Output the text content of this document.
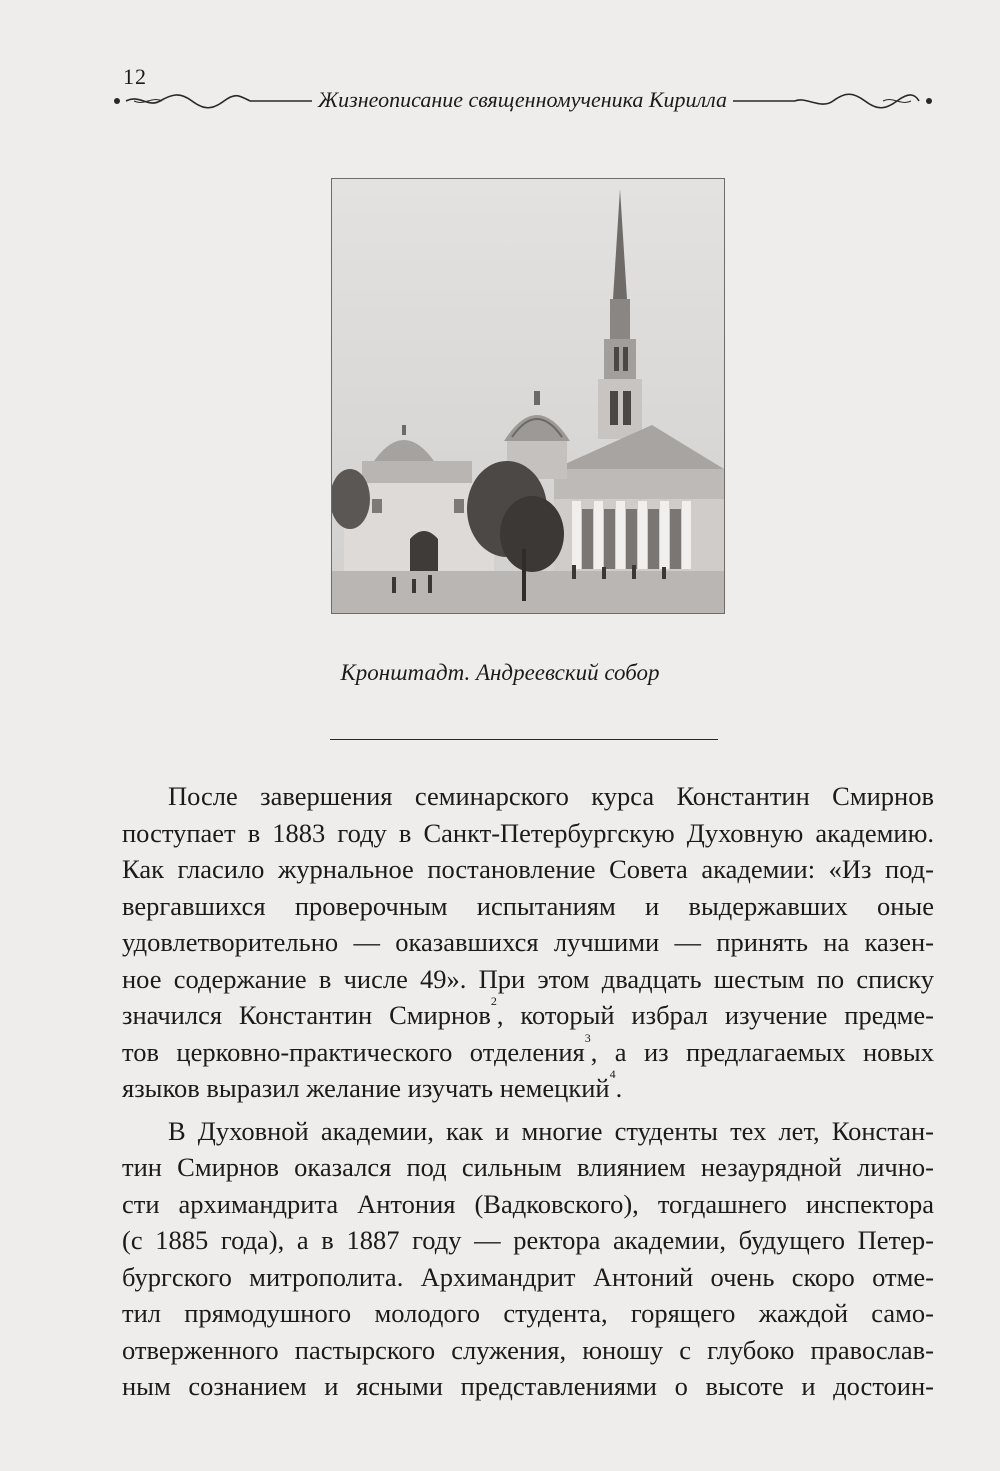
12
Жизнеописание священномученика Кирилла
Кронштадт. Андреевский собор

После завершения семинарского курса Константин Смирнов
поступает в 1883 году в Санкт-Петербургскую Духовную академию.
Как гласило журнальное постановление Совета академии: «Из под-
вергавшихся проверочным испытаниям и выдержавших оные
удовлетворительно — оказавшихся лучшими — принять на казен-
ное содержание в числе 49». При этом двадцать шестым по списку
значился Константин Смирнов$^2$, который избрал изучение предме-
тов церковно-практического отделения$^3$, а из предлагаемых новых
языков выразил желание изучать немецкий$^4$.

В Духовной академии, как и многие студенты тех лет, Констан-
тин Смирнов оказался под сильным влиянием незаурядной лично-
сти архимандрита Антония (Вадковского), тогдашнего инспектора
(с 1885 года), а в 1887 году — ректора академии, будущего Петер-
бургского митрополита. Архимандрит Антоний очень скоро отме-
тил прямодушного молодого студента, горящего жаждой само-
отверженного пастырского служения, юношу с глубоко православ-
ным сознанием и ясными представлениями о высоте и достоин-
